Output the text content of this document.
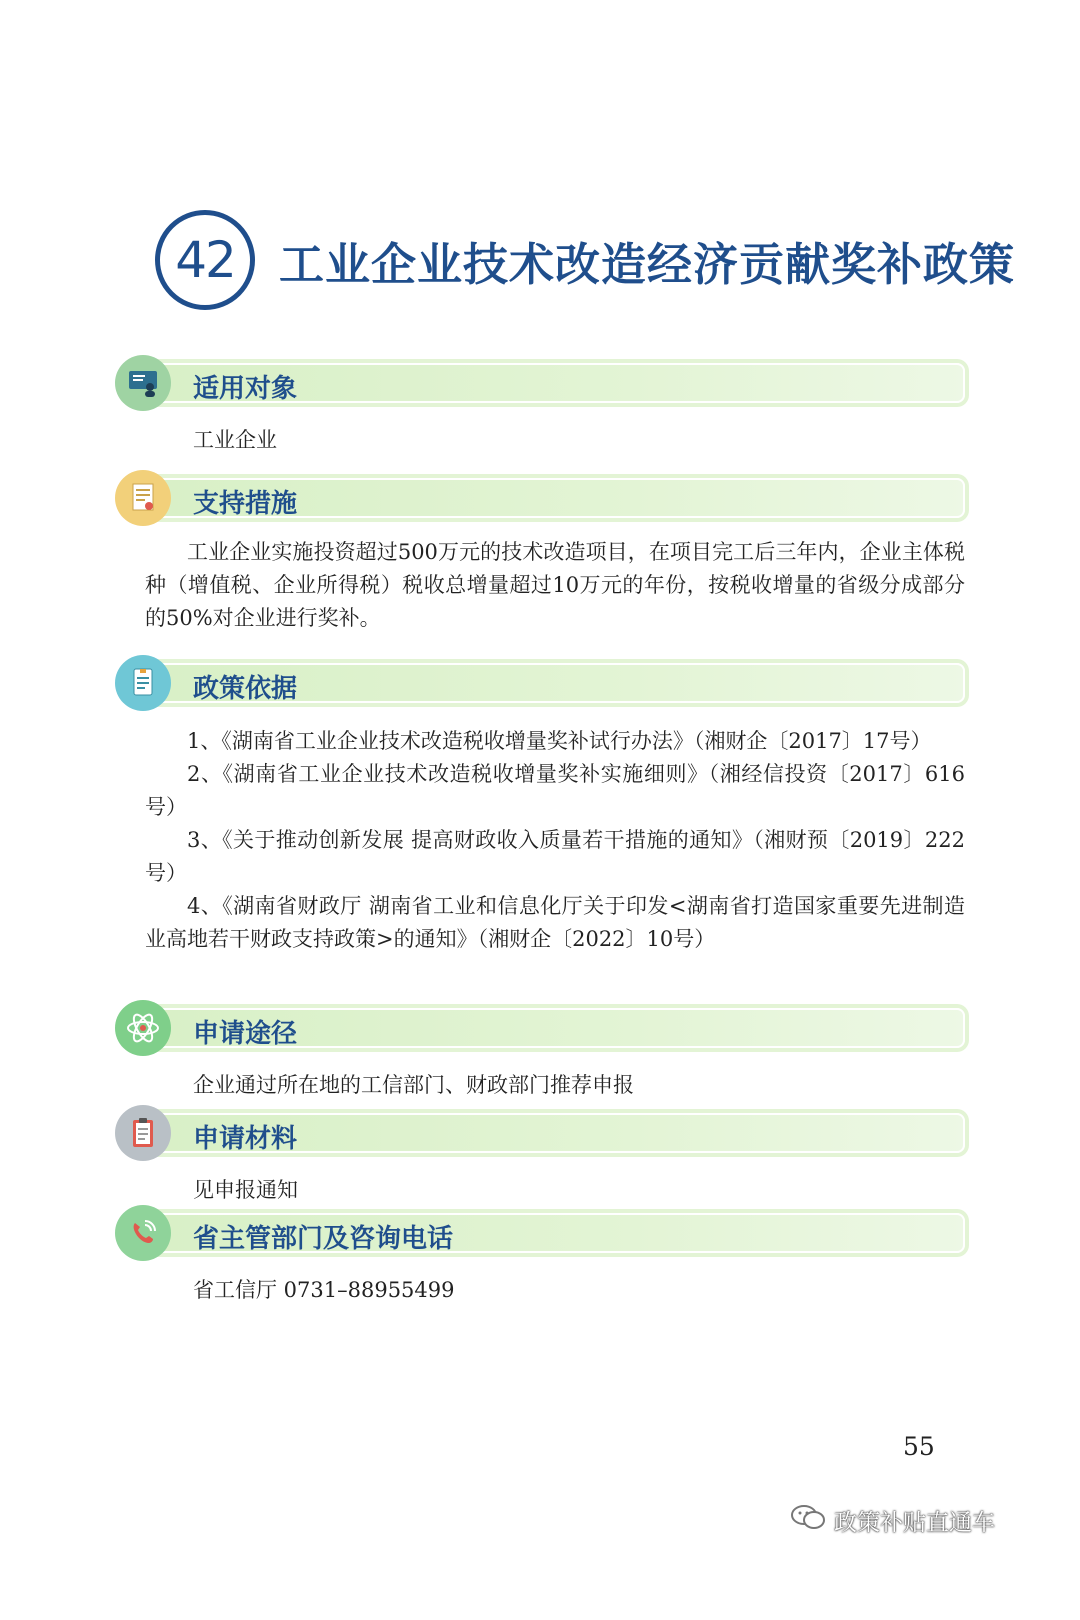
42 工业企业技术改造经济贡献奖补政策
适用对象
工业企业
支持措施
工业企业实施投资超过500万元的技术改造项目，在项目完工后三年内，企业主体税种（增值税、企业所得税）税收总增量超过10万元的年份，按税收增量的省级分成部分的50%对企业进行奖补。
政策依据
1、《湖南省工业企业技术改造税收增量奖补试行办法》（湘财企〔2017〕17号）
2、《湖南省工业企业技术改造税收增量奖补实施细则》（湘经信投资〔2017〕616号）
3、《关于推动创新发展 提高财政收入质量若干措施的通知》（湘财预〔2019〕222号）
4、《湖南省财政厅 湖南省工业和信息化厅关于印发<湖南省打造国家重要先进制造业高地若干财政支持政策>的通知》（湘财企〔2022〕10号）
申请途径
企业通过所在地的工信部门、财政部门推荐申报
申请材料
见申报通知
省主管部门及咨询电话
省工信厅 0731–88955499
55
政策补贴直通车
